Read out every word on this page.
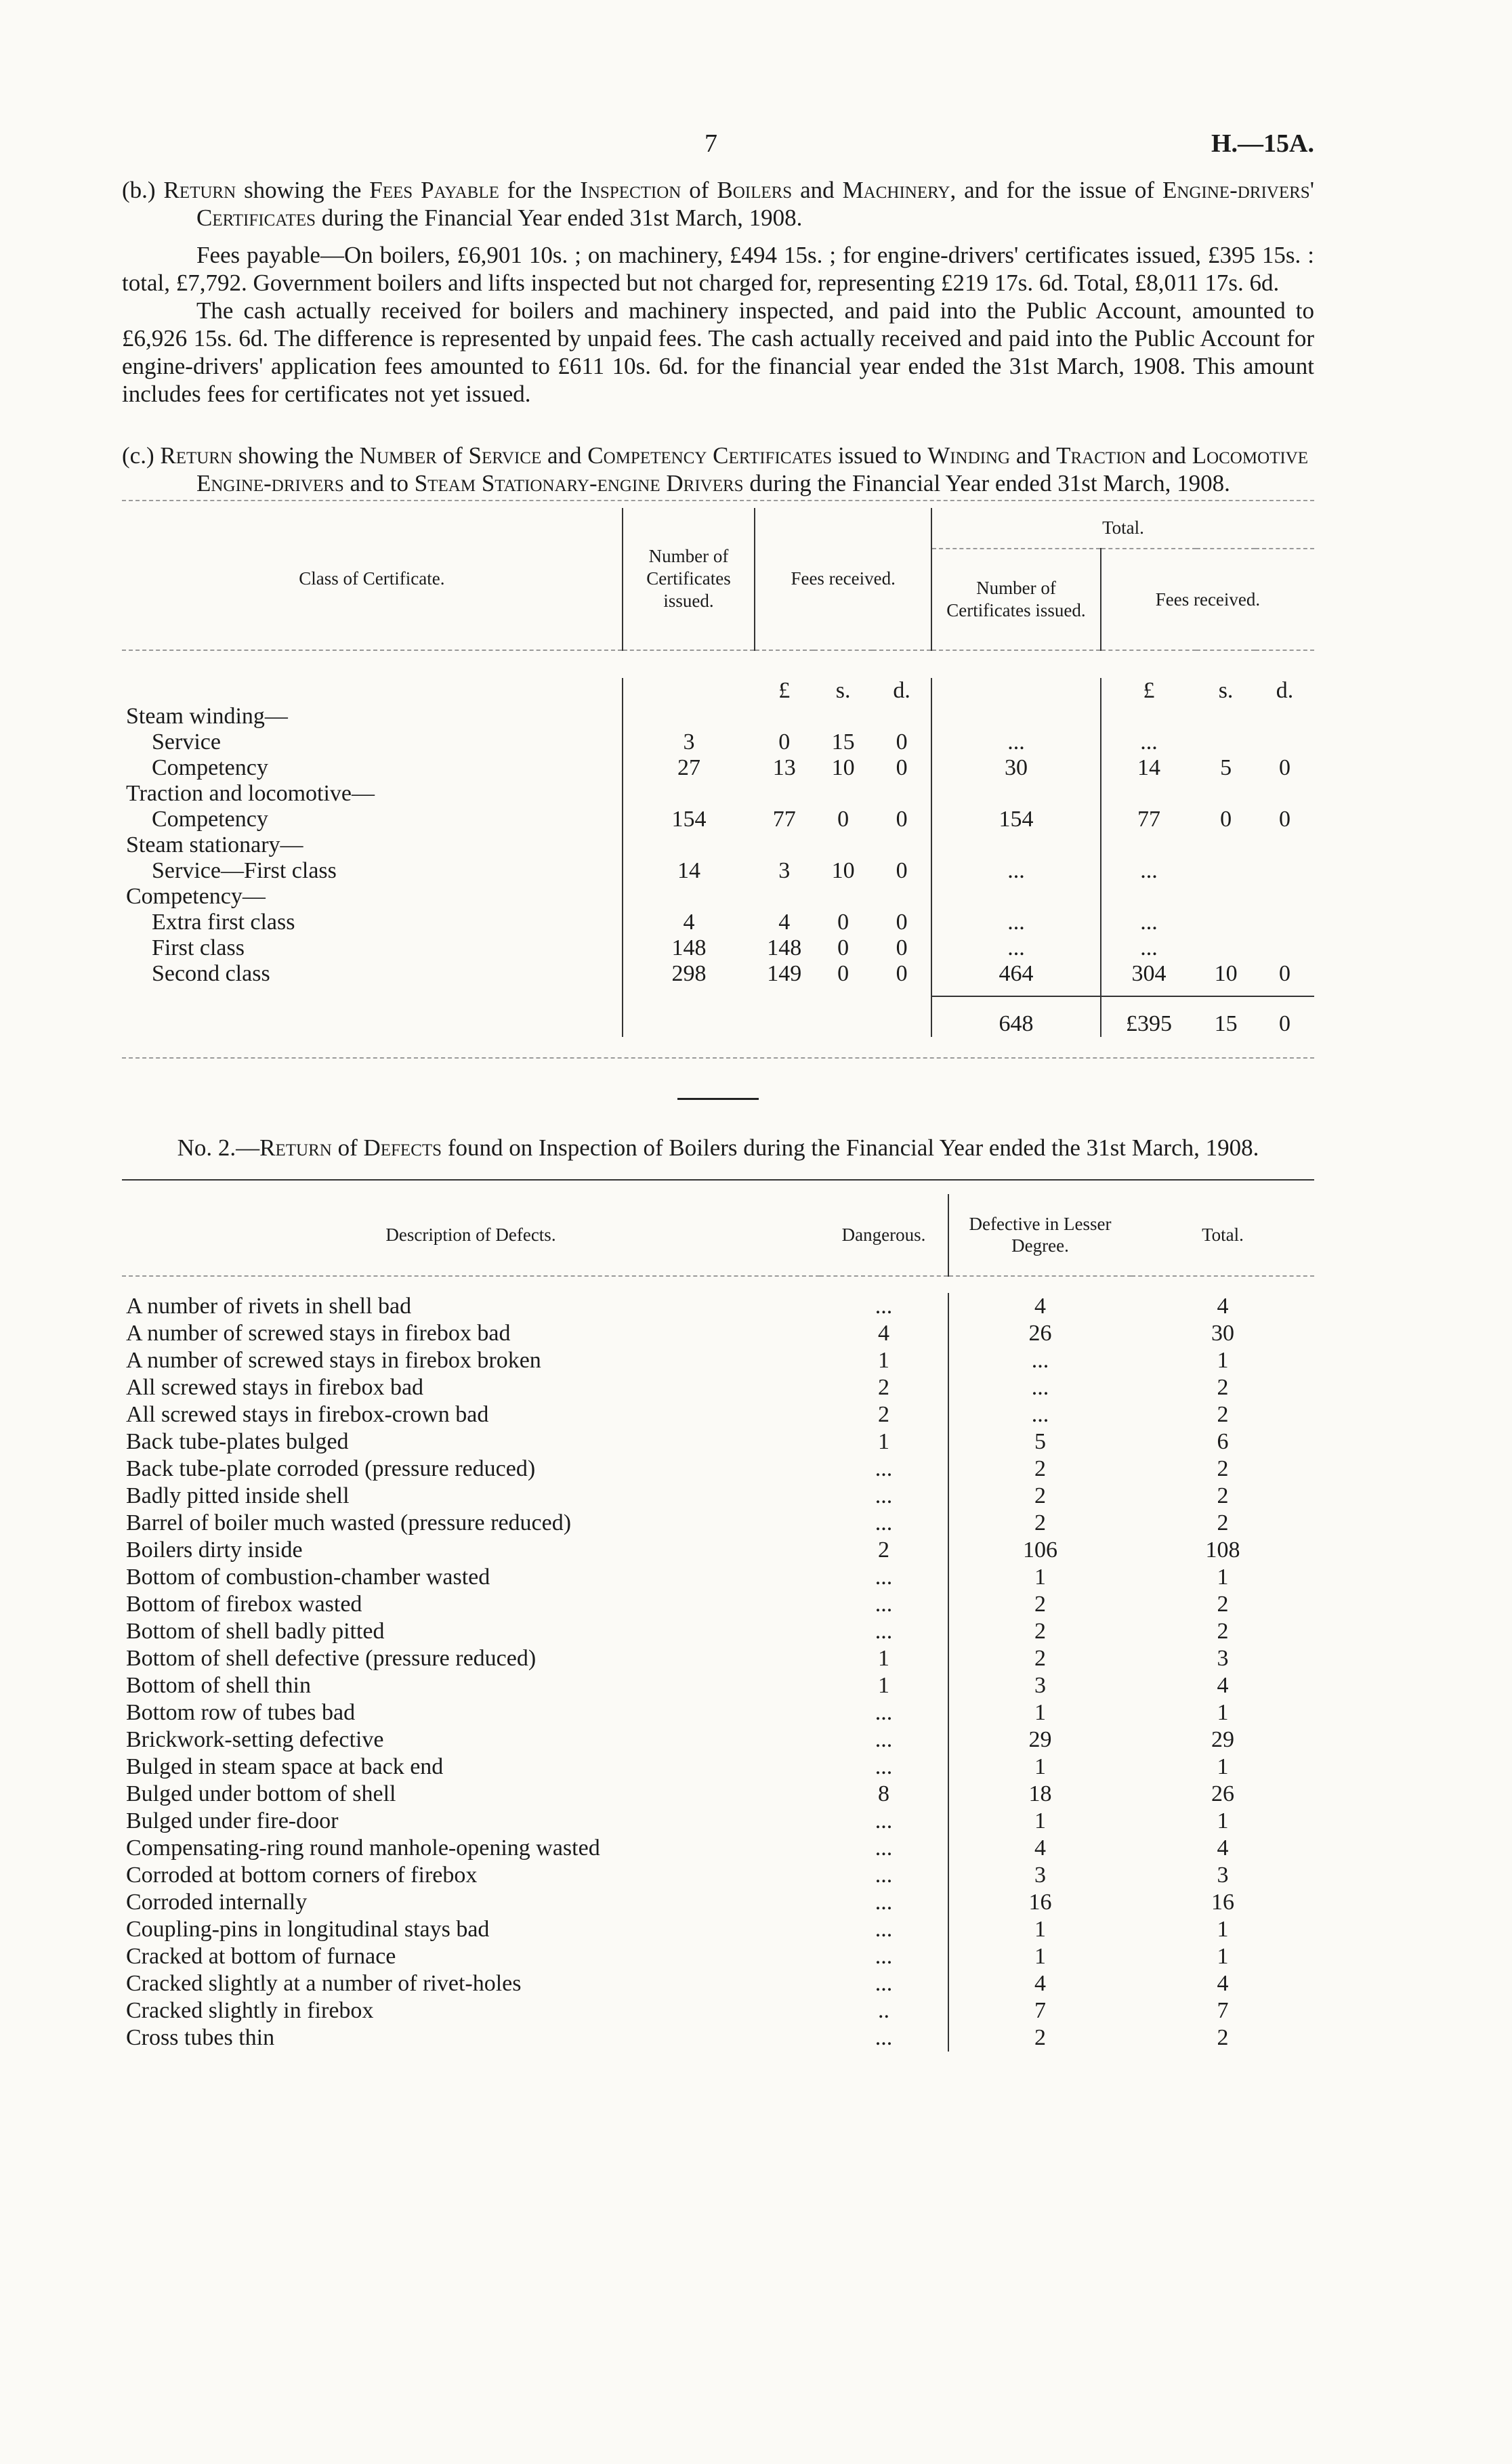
7	H.—15A.
(b.) Return showing the Fees Payable for the Inspection of Boilers and Machinery, and for the issue of Engine-drivers' Certificates during the Financial Year ended 31st March, 1908.

Fees payable—On boilers, £6,901 10s. ; on machinery, £494 15s. ; for engine-drivers' certificates issued, £395 15s. : total, £7,792. Government boilers and lifts inspected but not charged for, representing £219 17s. 6d. Total, £8,011 17s. 6d.

The cash actually received for boilers and machinery inspected, and paid into the Public Account, amounted to £6,926 15s. 6d. The difference is represented by unpaid fees. The cash actually received and paid into the Public Account for engine-drivers' application fees amounted to £611 10s. 6d. for the financial year ended the 31st March, 1908. This amount includes fees for certificates not yet issued.

(c.) Return showing the Number of Service and Competency Certificates issued to Winding and Traction and Locomotive Engine-drivers and to Steam Stationary-engine Drivers during the Financial Year ended 31st March, 1908.
Class of Certificate.	Number of Certificates issued.	Fees received.			Total.			
					Number of Certificates issued.	Fees received.		

		£	s.	d.		£	s.	d.
Steam winding—								
Service	3	0	15	0	...	...		
Competency	27	13	10	0	30	14	5	0
Traction and locomotive—								
Competency	154	77	0	0	154	77	0	0
Steam stationary—								
Service—First class	14	3	10	0	...	...		
Competency—								
Extra first class	4	4	0	0	...	...		
First class	148	148	0	0	...	...		
Second class	298	149	0	0	464	304	10	0

					648	£395	15	0

No. 2.—Return of Defects found on Inspection of Boilers during the Financial Year ended the 31st March, 1908.
Description of Defects.	Dangerous.	Defective in Lesser Degree.	Total.

A number of rivets in shell bad	...	4	4
A number of screwed stays in firebox bad	4	26	30
A number of screwed stays in firebox broken	1	...	1
All screwed stays in firebox bad	2	...	2
All screwed stays in firebox-crown bad	2	...	2
Back tube-plates bulged	1	5	6
Back tube-plate corroded (pressure reduced)	...	2	2
Badly pitted inside shell	...	2	2
Barrel of boiler much wasted (pressure reduced)	...	2	2
Boilers dirty inside	2	106	108
Bottom of combustion-chamber wasted	...	1	1
Bottom of firebox wasted	...	2	2
Bottom of shell badly pitted	...	2	2
Bottom of shell defective (pressure reduced)	1	2	3
Bottom of shell thin	1	3	4
Bottom row of tubes bad	...	1	1
Brickwork-setting defective	...	29	29
Bulged in steam space at back end	...	1	1
Bulged under bottom of shell	8	18	26
Bulged under fire-door	...	1	1
Compensating-ring round manhole-opening wasted	...	4	4
Corroded at bottom corners of firebox	...	3	3
Corroded internally	...	16	16
Coupling-pins in longitudinal stays bad	...	1	1
Cracked at bottom of furnace	...	1	1
Cracked slightly at a number of rivet-holes	...	4	4
Cracked slightly in firebox	..	7	7
Cross tubes thin	...	2	2
